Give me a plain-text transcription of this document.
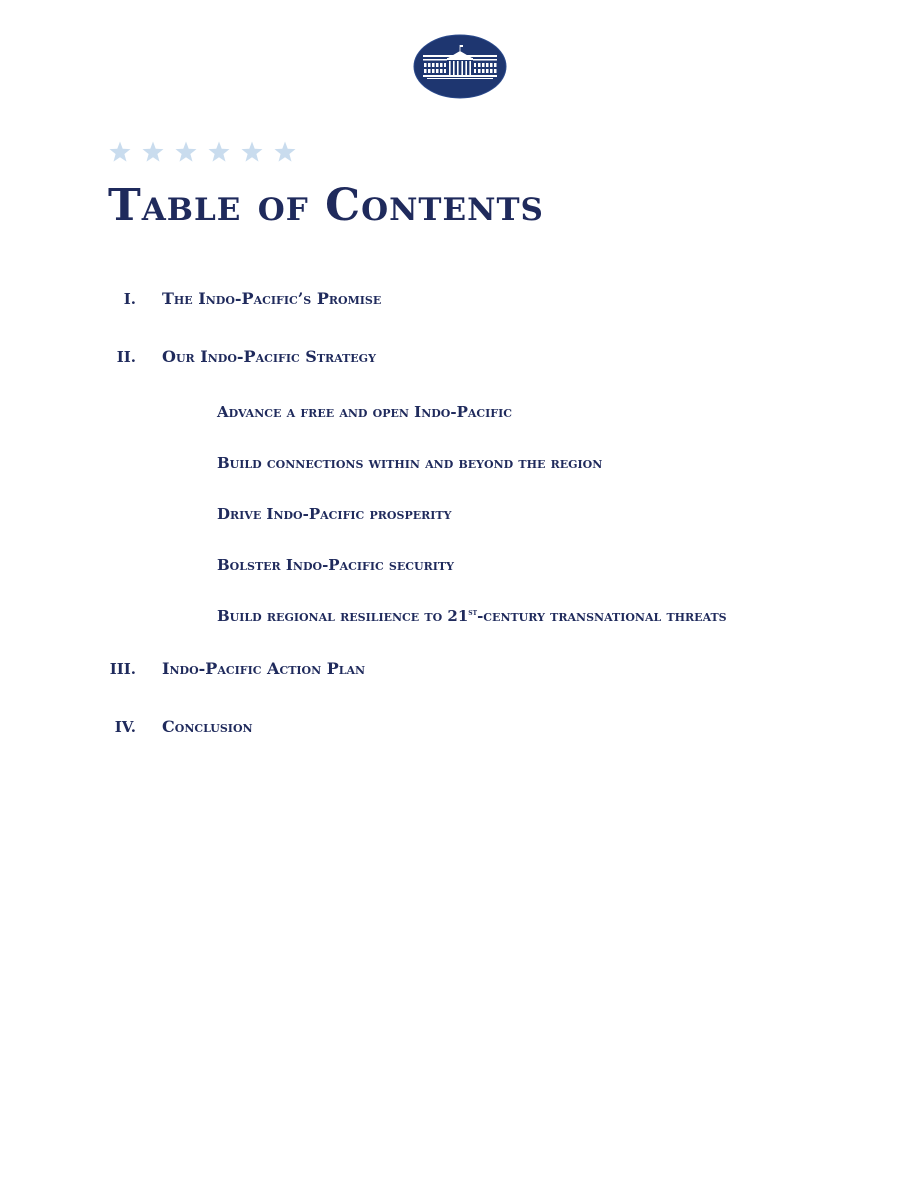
Table of Contents
I. The Indo-Pacific’s Promise
II. Our Indo-Pacific Strategy
Advance a free and open Indo-Pacific
Build connections within and beyond the region
Drive Indo-Pacific prosperity
Bolster Indo-Pacific security
Build regional resilience to 21st-century transnational threats
III. Indo-Pacific Action Plan
IV. Conclusion
